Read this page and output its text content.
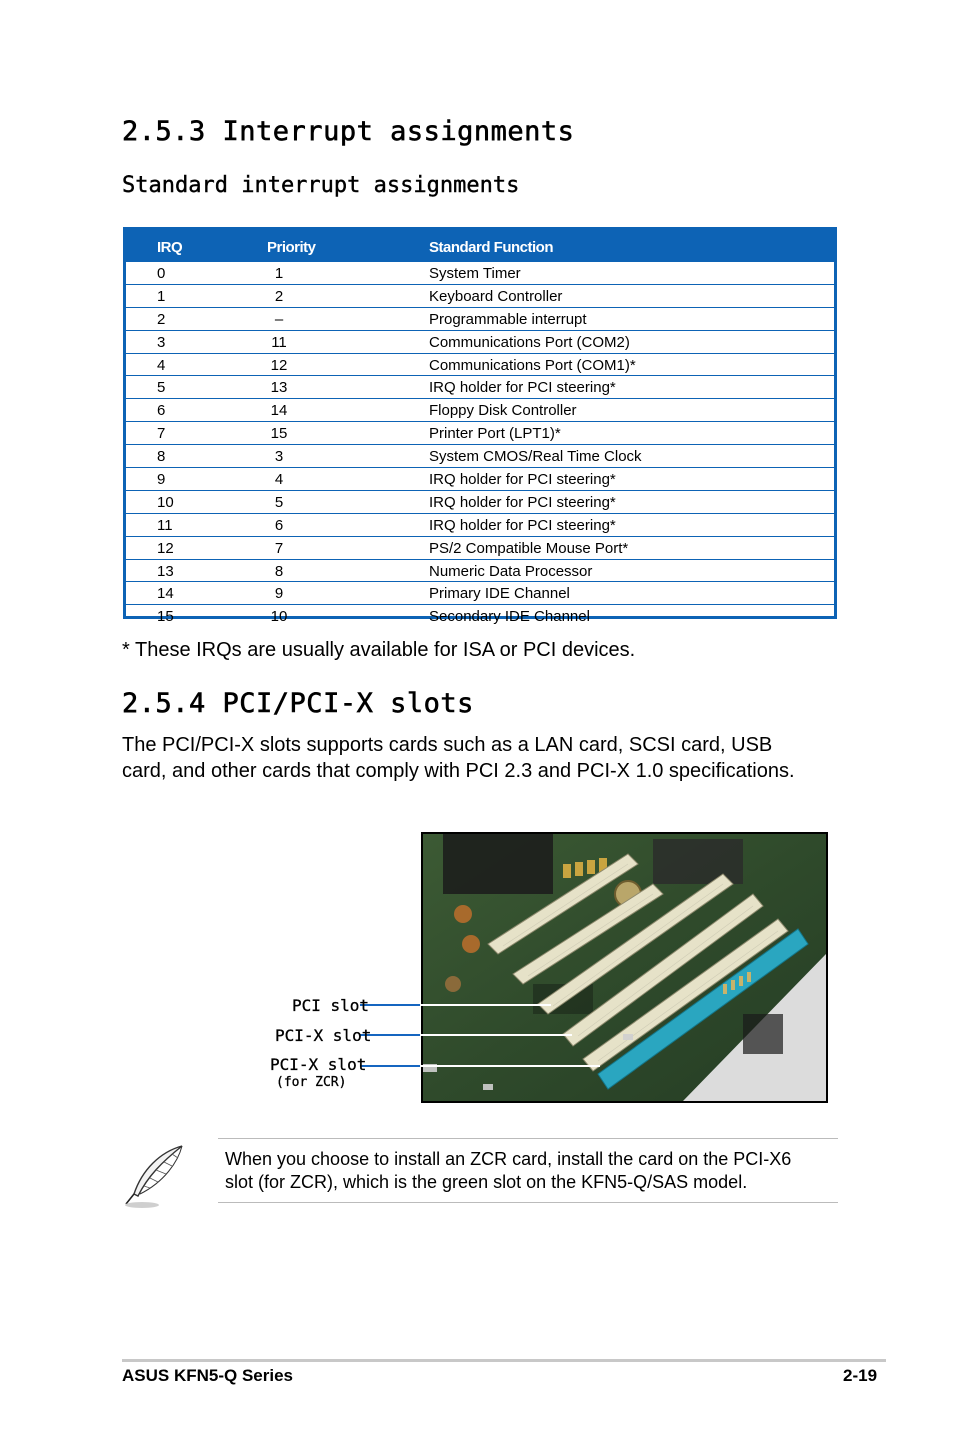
2.5.3 Interrupt assignments
Standard interrupt assignments
IRQ	Priority	Standard Function
0	1	System Timer
1	2	Keyboard Controller
2	–	Programmable interrupt
3	11	Communications Port (COM2)
4	12	Communications Port (COM1)*
5	13	IRQ holder for PCI steering*
6	14	Floppy Disk Controller
7	15	Printer Port (LPT1)*
8	3	System CMOS/Real Time Clock
9	4	IRQ holder for PCI steering*
10	5	IRQ holder for PCI steering*
11	6	IRQ holder for PCI steering*
12	7	PS/2 Compatible Mouse Port*
13	8	Numeric Data Processor
14	9	Primary IDE Channel
15	10	Secondary IDE Channel

* These IRQs are usually available for ISA or PCI devices.

2.5.4 PCI/PCI-X slots

The PCI/PCI-X slots supports cards such as a LAN card, SCSI card, USB
card, and other cards that comply with PCI 2.3 and PCI-X 1.0 specifications.

PCI slot
PCI-X slot
PCI-X slot
(for ZCR)

When you choose to install an ZCR card, install the card on the PCI-X6
slot (for ZCR), which is the green slot on the KFN5-Q/SAS model.

ASUS KFN5-Q Series	2-19
